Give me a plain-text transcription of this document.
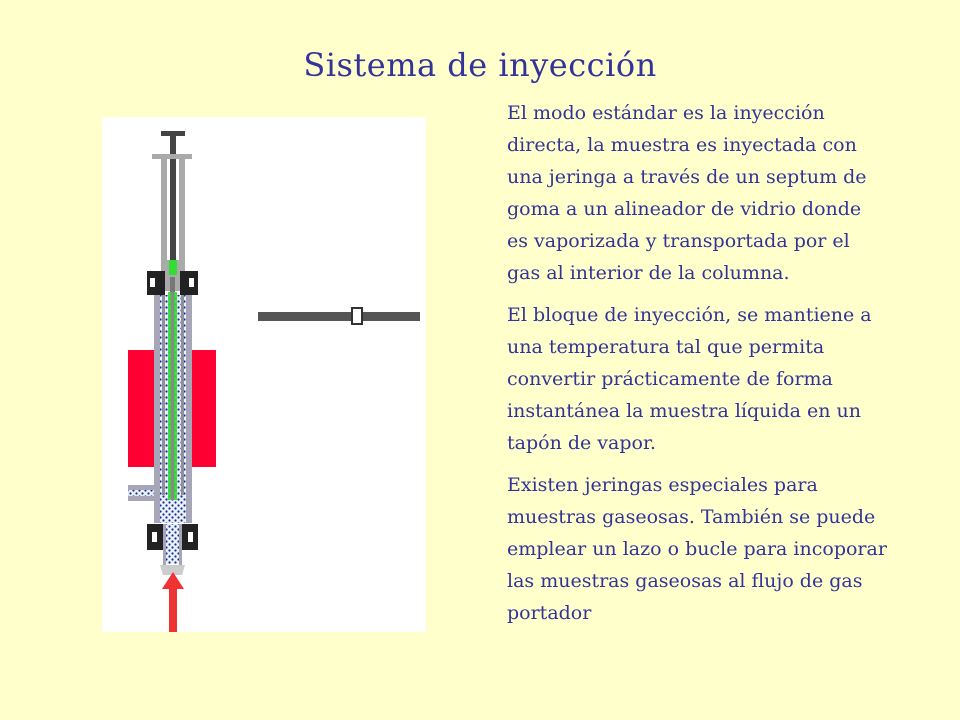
Sistema de inyección

El modo estándar es la inyección directa, la muestra es inyectada con una jeringa a través de un septum de goma a un alineador de vidrio donde es vaporizada y transportada por el gas al interior de la columna.

El bloque de inyección, se mantiene a una temperatura tal que permita convertir prácticamente de forma instantánea la muestra líquida en un tapón de vapor.

Existen jeringas especiales para muestras gaseosas. También se puede emplear un lazo o bucle para incoporar las muestras gaseosas al flujo de gas portador
